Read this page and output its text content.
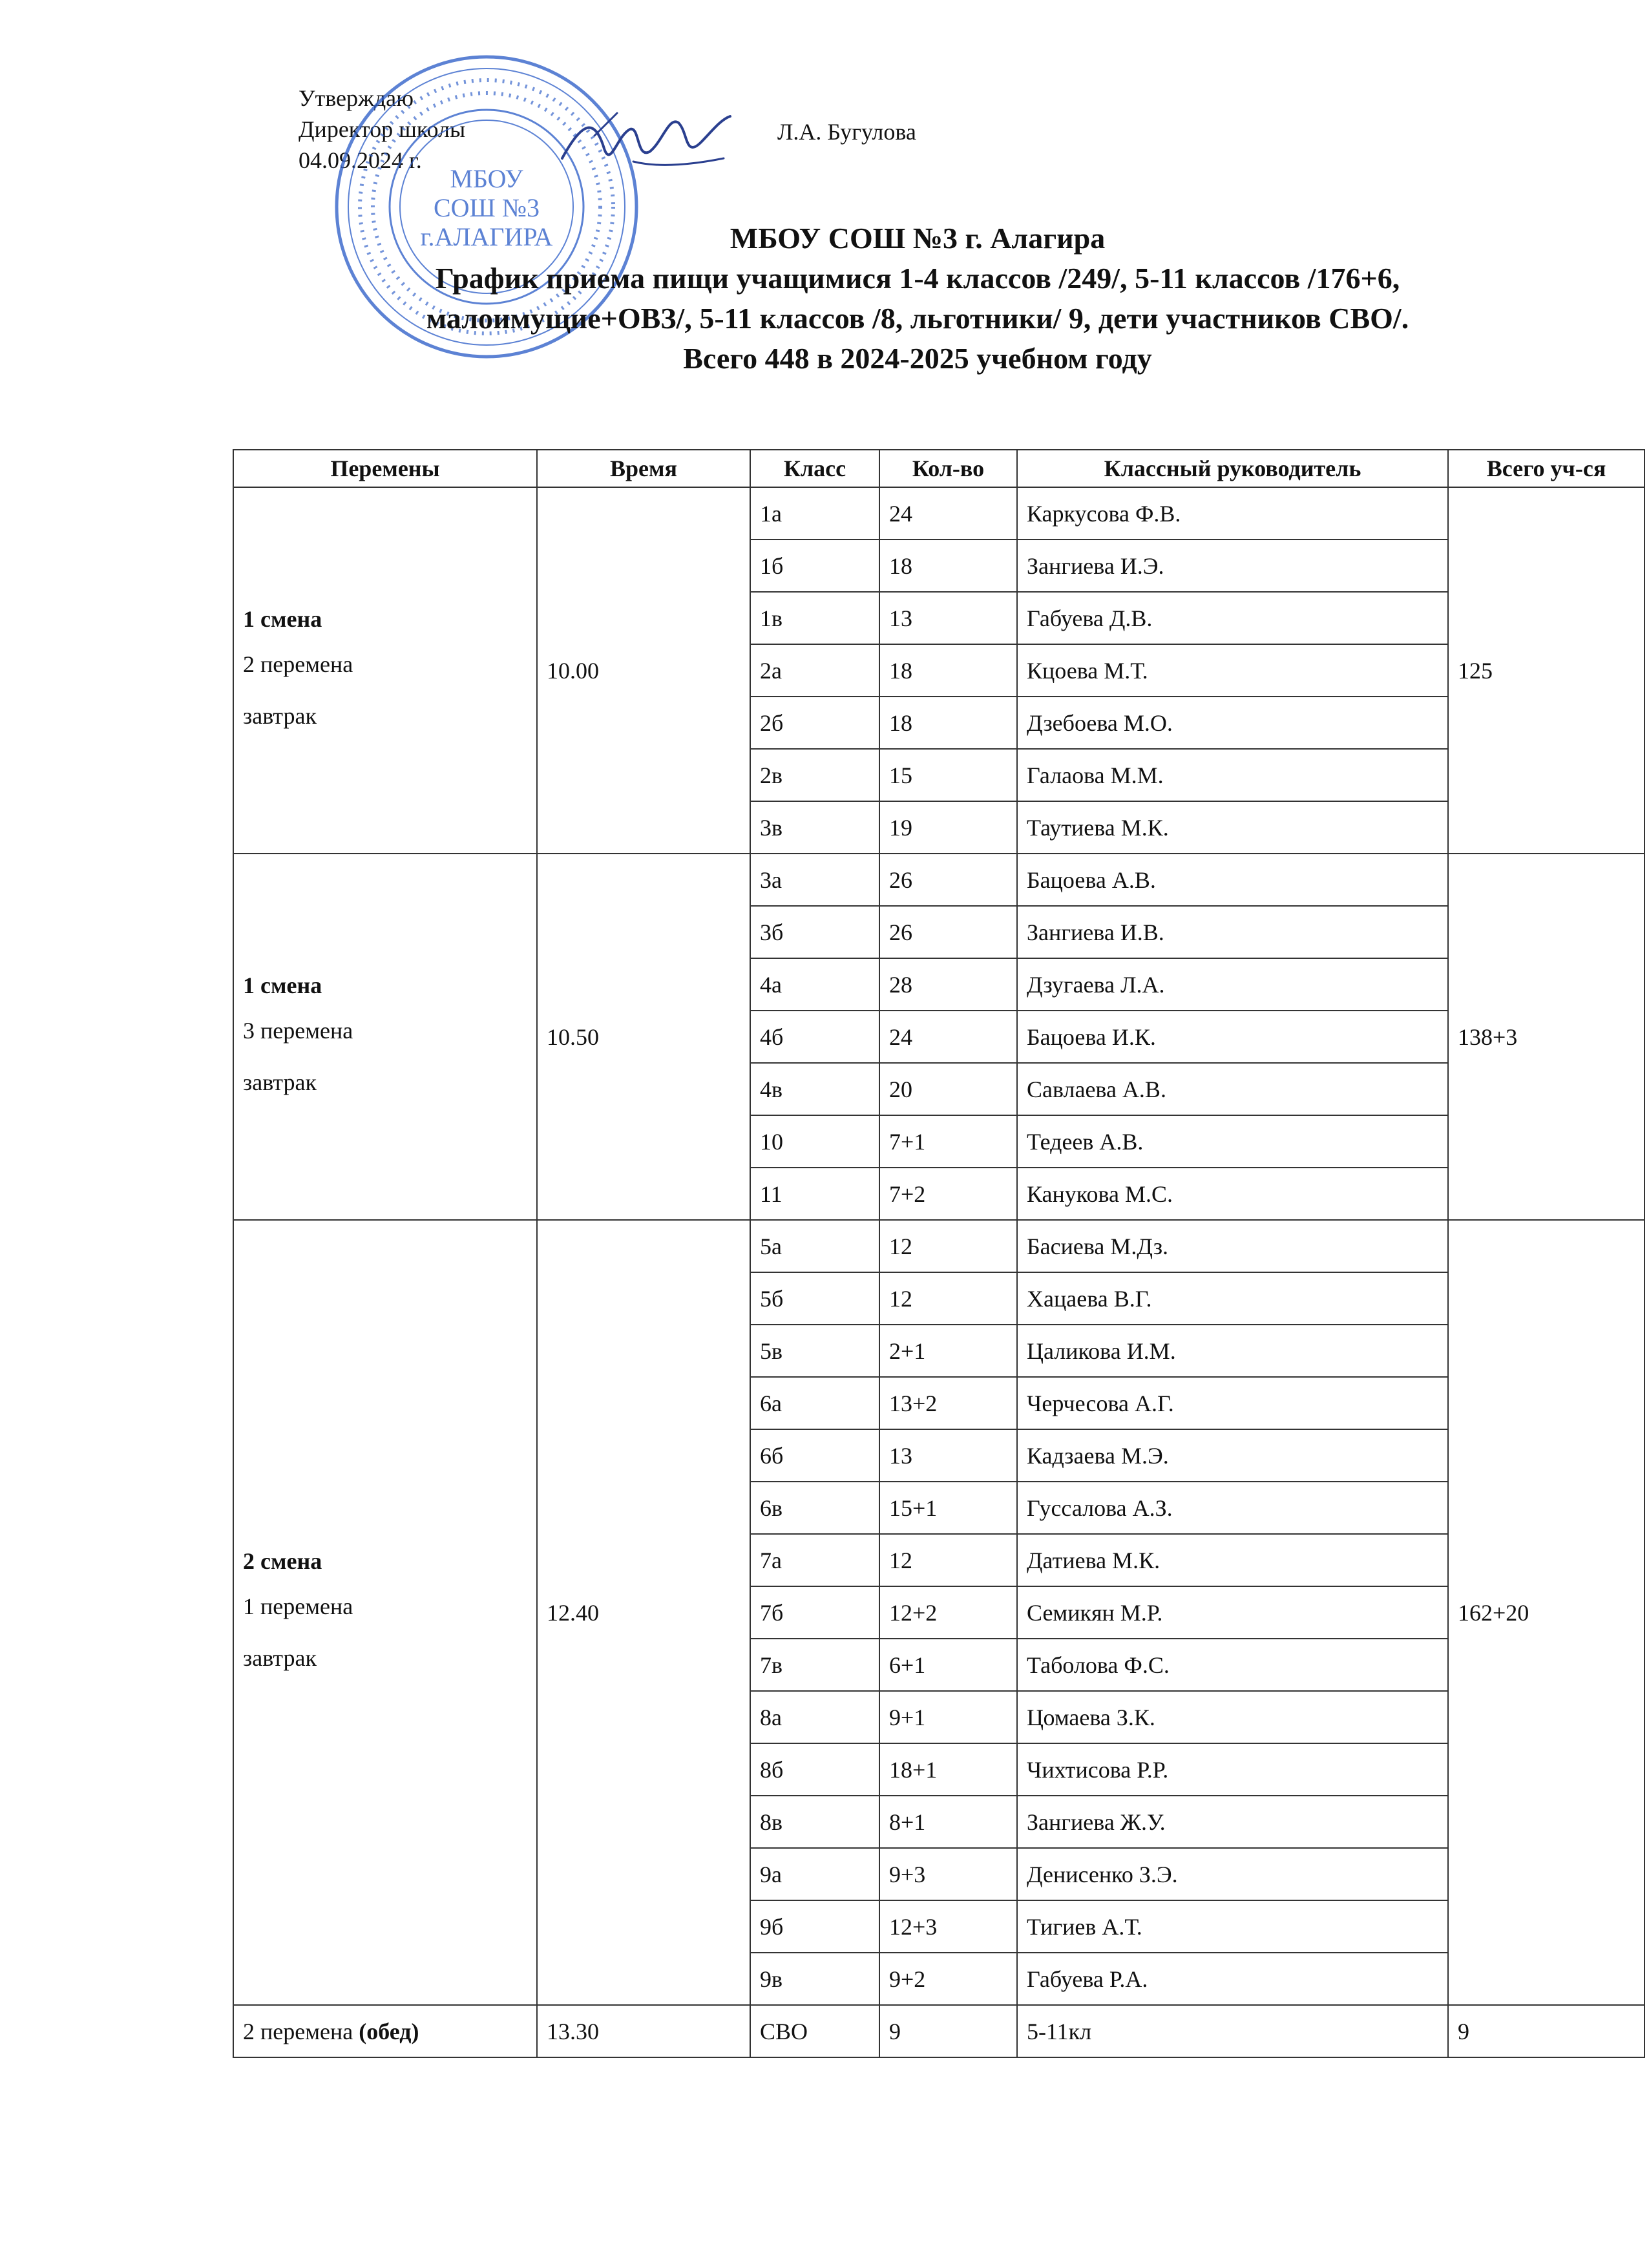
Утверждаю
Директор школы
04.09.2024 г.
Л.А. Бугулова
МБОУ
СОШ №3
г.АЛАГИРА	МБОУ СОШ №3 г. Алагира
График приема пищи учащимися 1-4 классов /249/, 5-11 классов /176+6,
малоимущие+ОВЗ/, 5-11 классов /8, льготники/ 9, дети участников СВО/.
Всего 448 в 2024-2025 учебном году
Перемены	Время	Класс	Кол-во	Классный руководитель	Всего уч-ся

1 смена
2 перемена
завтрак	10.00	1а	24	Каркусова Ф.В.	125
		1б	18	Зангиева И.Э.	
		1в	13	Габуева Д.В.	
		2а	18	Кцоева М.Т.	
		2б	18	Дзебоева М.О.	
		2в	15	Галаова М.М.	
		3в	19	Таутиева М.К.	

1 смена
3 перемена
завтрак	10.50	3а	26	Бацоева А.В.	138+3
		3б	26	Зангиева И.В.	
		4а	28	Дзугаева Л.А.	
		4б	24	Бацоева И.К.	
		4в	20	Савлаева А.В.	
		10	7+1	Тедеев А.В.	
		11	7+2	Канукова М.С.	

2 смена
1 перемена
завтрак	12.40	5а	12	Басиева М.Дз.	162+20
		5б	12	Хацаева В.Г.	
		5в	2+1	Цаликова И.М.	
		6а	13+2	Черчесова А.Г.	
		6б	13	Кадзаева М.Э.	
		6в	15+1	Гуссалова А.З.	
		7а	12	Датиева М.К.	
		7б	12+2	Семикян М.Р.	
		7в	6+1	Таболова Ф.С.	
		8а	9+1	Цомаева З.К.	
		8б	18+1	Чихтисова Р.Р.	
		8в	8+1	Зангиева Ж.У.	
		9а	9+3	Денисенко З.Э.	
		9б	12+3	Тигиев А.Т.	
		9в	9+2	Габуева Р.А.	
2 перемена (обед)	13.30	СВО	9	5-11кл	9
